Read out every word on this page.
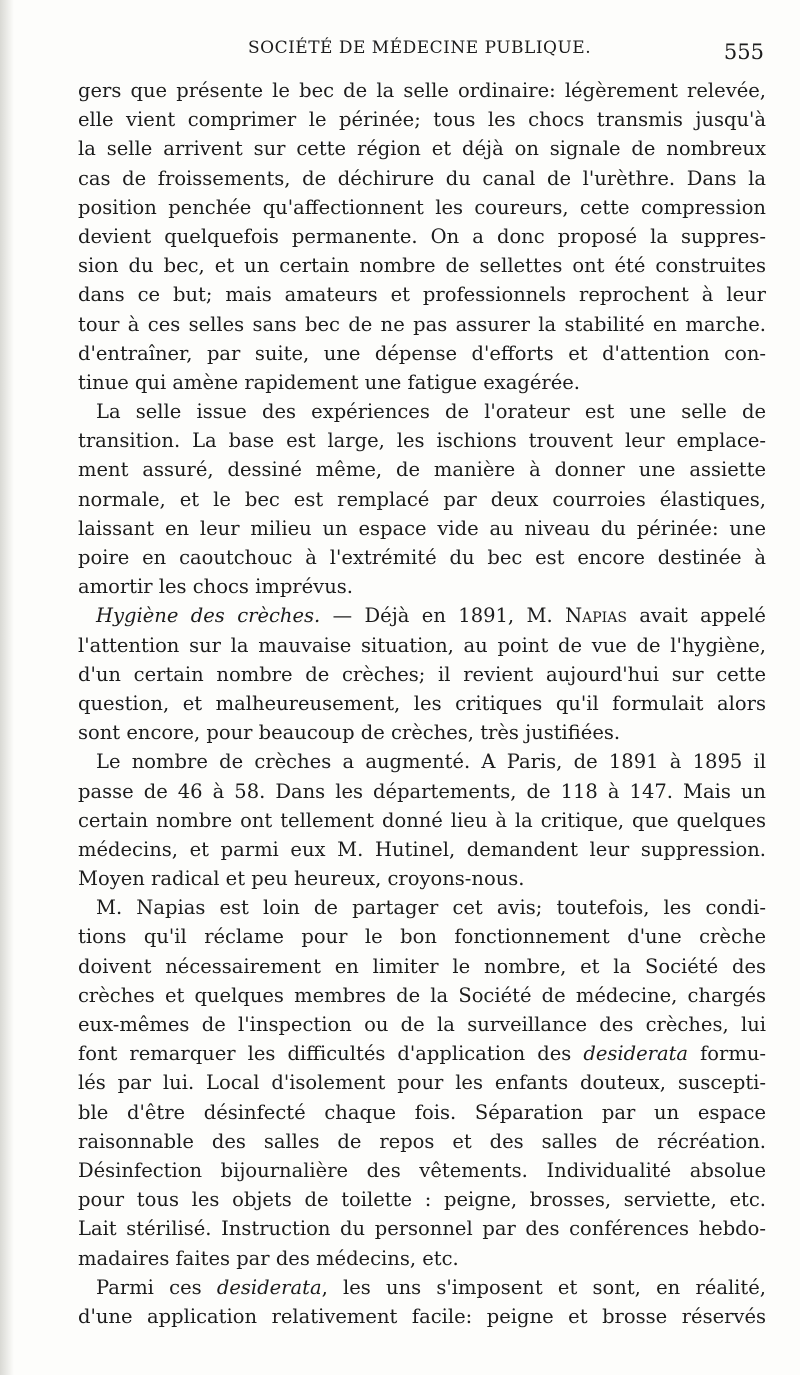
SOCIÉTÉ DE MÉDECINE PUBLIQUE.	555
gers que présente le bec de la selle ordinaire: légèrement relevée,
elle vient comprimer le périnée; tous les chocs transmis jusqu'à
la selle arrivent sur cette région et déjà on signale de nombreux
cas de froissements, de déchirure du canal de l'urèthre. Dans la
position penchée qu'affectionnent les coureurs, cette compression
devient quelquefois permanente. On a donc proposé la suppres-
sion du bec, et un certain nombre de sellettes ont été construites
dans ce but; mais amateurs et professionnels reprochent à leur
tour à ces selles sans bec de ne pas assurer la stabilité en marche.
d'entraîner, par suite, une dépense d'efforts et d'attention con-
tinue qui amène rapidement une fatigue exagérée.
La selle issue des expériences de l'orateur est une selle de
transition. La base est large, les ischions trouvent leur emplace-
ment assuré, dessiné même, de manière à donner une assiette
normale, et le bec est remplacé par deux courroies élastiques,
laissant en leur milieu un espace vide au niveau du périnée: une
poire en caoutchouc à l'extrémité du bec est encore destinée à
amortir les chocs imprévus.
Hygiène des crèches. — Déjà en 1891, M. Napias avait appelé
l'attention sur la mauvaise situation, au point de vue de l'hygiène,
d'un certain nombre de crèches; il revient aujourd'hui sur cette
question, et malheureusement, les critiques qu'il formulait alors
sont encore, pour beaucoup de crèches, très justifiées.
Le nombre de crèches a augmenté. A Paris, de 1891 à 1895 il
passe de 46 à 58. Dans les départements, de 118 à 147. Mais un
certain nombre ont tellement donné lieu à la critique, que quelques
médecins, et parmi eux M. Hutinel, demandent leur suppression.
Moyen radical et peu heureux, croyons-nous.
M. Napias est loin de partager cet avis; toutefois, les condi-
tions qu'il réclame pour le bon fonctionnement d'une crèche
doivent nécessairement en limiter le nombre, et la Société des
crèches et quelques membres de la Société de médecine, chargés
eux-mêmes de l'inspection ou de la surveillance des crèches, lui
font remarquer les difficultés d'application des desiderata formu-
lés par lui. Local d'isolement pour les enfants douteux, suscepti-
ble d'être désinfecté chaque fois. Séparation par un espace
raisonnable des salles de repos et des salles de récréation.
Désinfection bijournalière des vêtements. Individualité absolue
pour tous les objets de toilette : peigne, brosses, serviette, etc.
Lait stérilisé. Instruction du personnel par des conférences hebdo-
madaires faites par des médecins, etc.
Parmi ces desiderata, les uns s'imposent et sont, en réalité,
d'une application relativement facile: peigne et brosse réservés
